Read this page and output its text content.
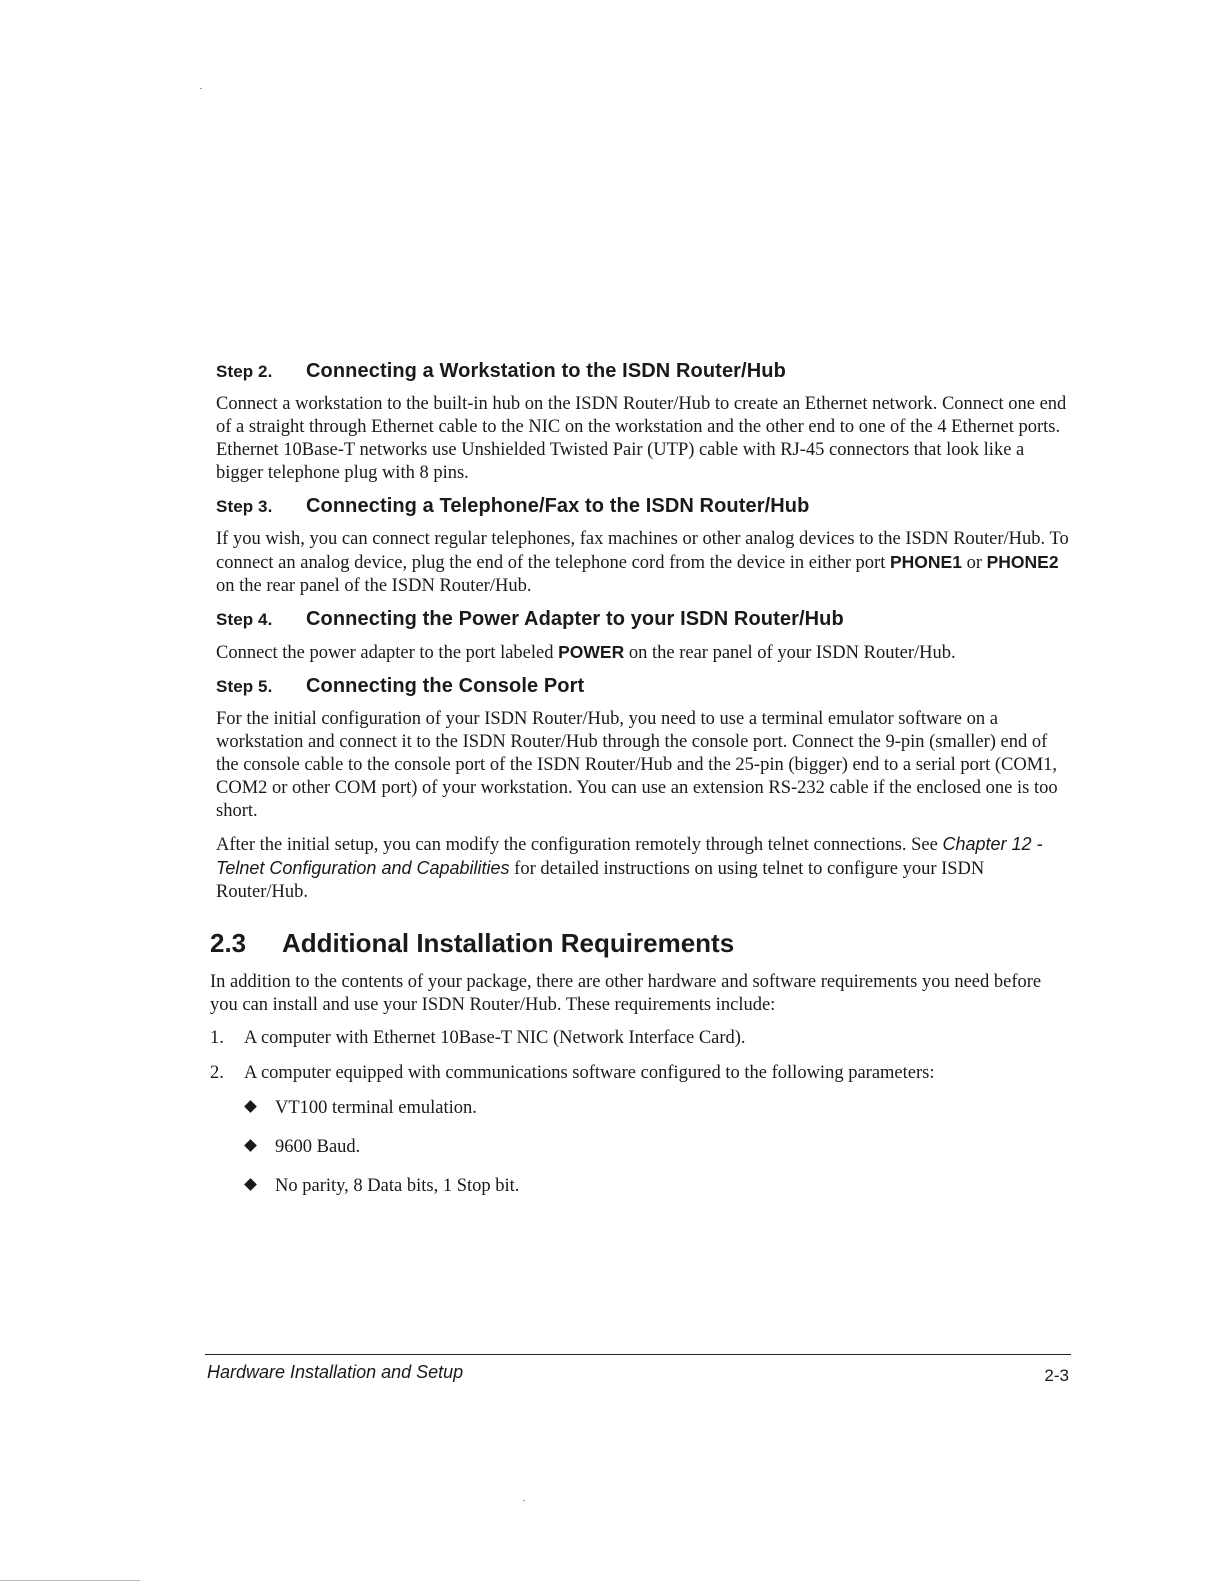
Step 2.	Connecting a Workstation to the ISDN Router/Hub

Connect a workstation to the built-in hub on the ISDN Router/Hub to create an Ethernet network. Connect one end of a straight through Ethernet cable to the NIC on the workstation and the other end to one of the 4 Ethernet ports. Ethernet 10Base-T networks use Unshielded Twisted Pair (UTP) cable with RJ-45 connectors that look like a bigger telephone plug with 8 pins.

Step 3.	Connecting a Telephone/Fax to the ISDN Router/Hub

If you wish, you can connect regular telephones, fax machines or other analog devices to the ISDN Router/Hub. To connect an analog device, plug the end of the telephone cord from the device in either port PHONE1 or PHONE2 on the rear panel of the ISDN Router/Hub.

Step 4.	Connecting the Power Adapter to your ISDN Router/Hub

Connect the power adapter to the port labeled POWER on the rear panel of your ISDN Router/Hub.

Step 5.	Connecting the Console Port

For the initial configuration of your ISDN Router/Hub, you need to use a terminal emulator software on a workstation and connect it to the ISDN Router/Hub through the console port. Connect the 9-pin (smaller) end of the console cable to the console port of the ISDN Router/Hub and the 25-pin (bigger) end to a serial port (COM1, COM2 or other COM port) of your workstation. You can use an extension RS-232 cable if the enclosed one is too short.

After the initial setup, you can modify the configuration remotely through telnet connections. See Chapter 12 - Telnet Configuration and Capabilities for detailed instructions on using telnet to configure your ISDN Router/Hub.

2.3	Additional Installation Requirements

In addition to the contents of your package, there are other hardware and software requirements you need before you can install and use your ISDN Router/Hub. These requirements include:

1.	A computer with Ethernet 10Base-T NIC (Network Interface Card).
2.	A computer equipped with communications software configured to the following parameters:
VT100 terminal emulation.
9600 Baud.
No parity, 8 Data bits, 1 Stop bit.
Hardware Installation and Setup	2-3
